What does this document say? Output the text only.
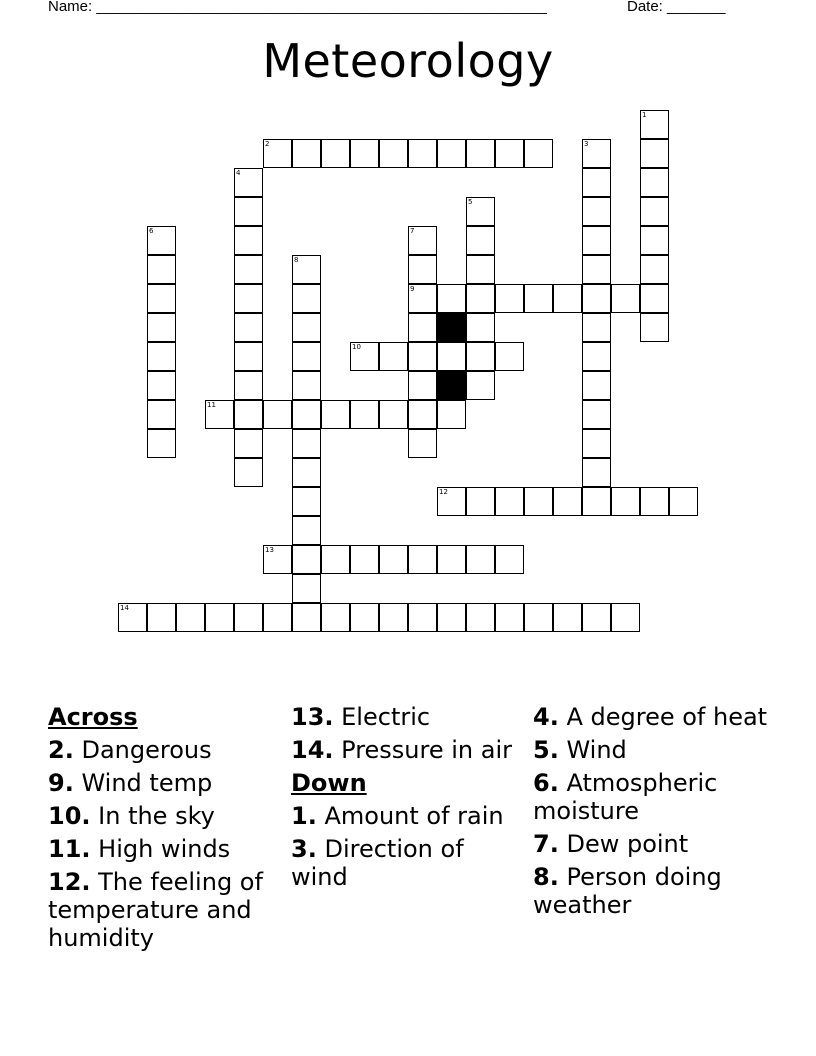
Name: ______________________________________________________	Date: _______
Meteorology
1
2	3
4
5
6	7
9
8
10
11
12
13
14
Across
2. Dangerous
9. Wind temp
10. In the sky
11. High winds
12. The feeling of temperature and humidity
13. Electric
14. Pressure in air
Down
1. Amount of rain
3. Direction of wind
4. A degree of heat
5. Wind
6. Atmospheric moisture
7. Dew point
8. Person doing weather
